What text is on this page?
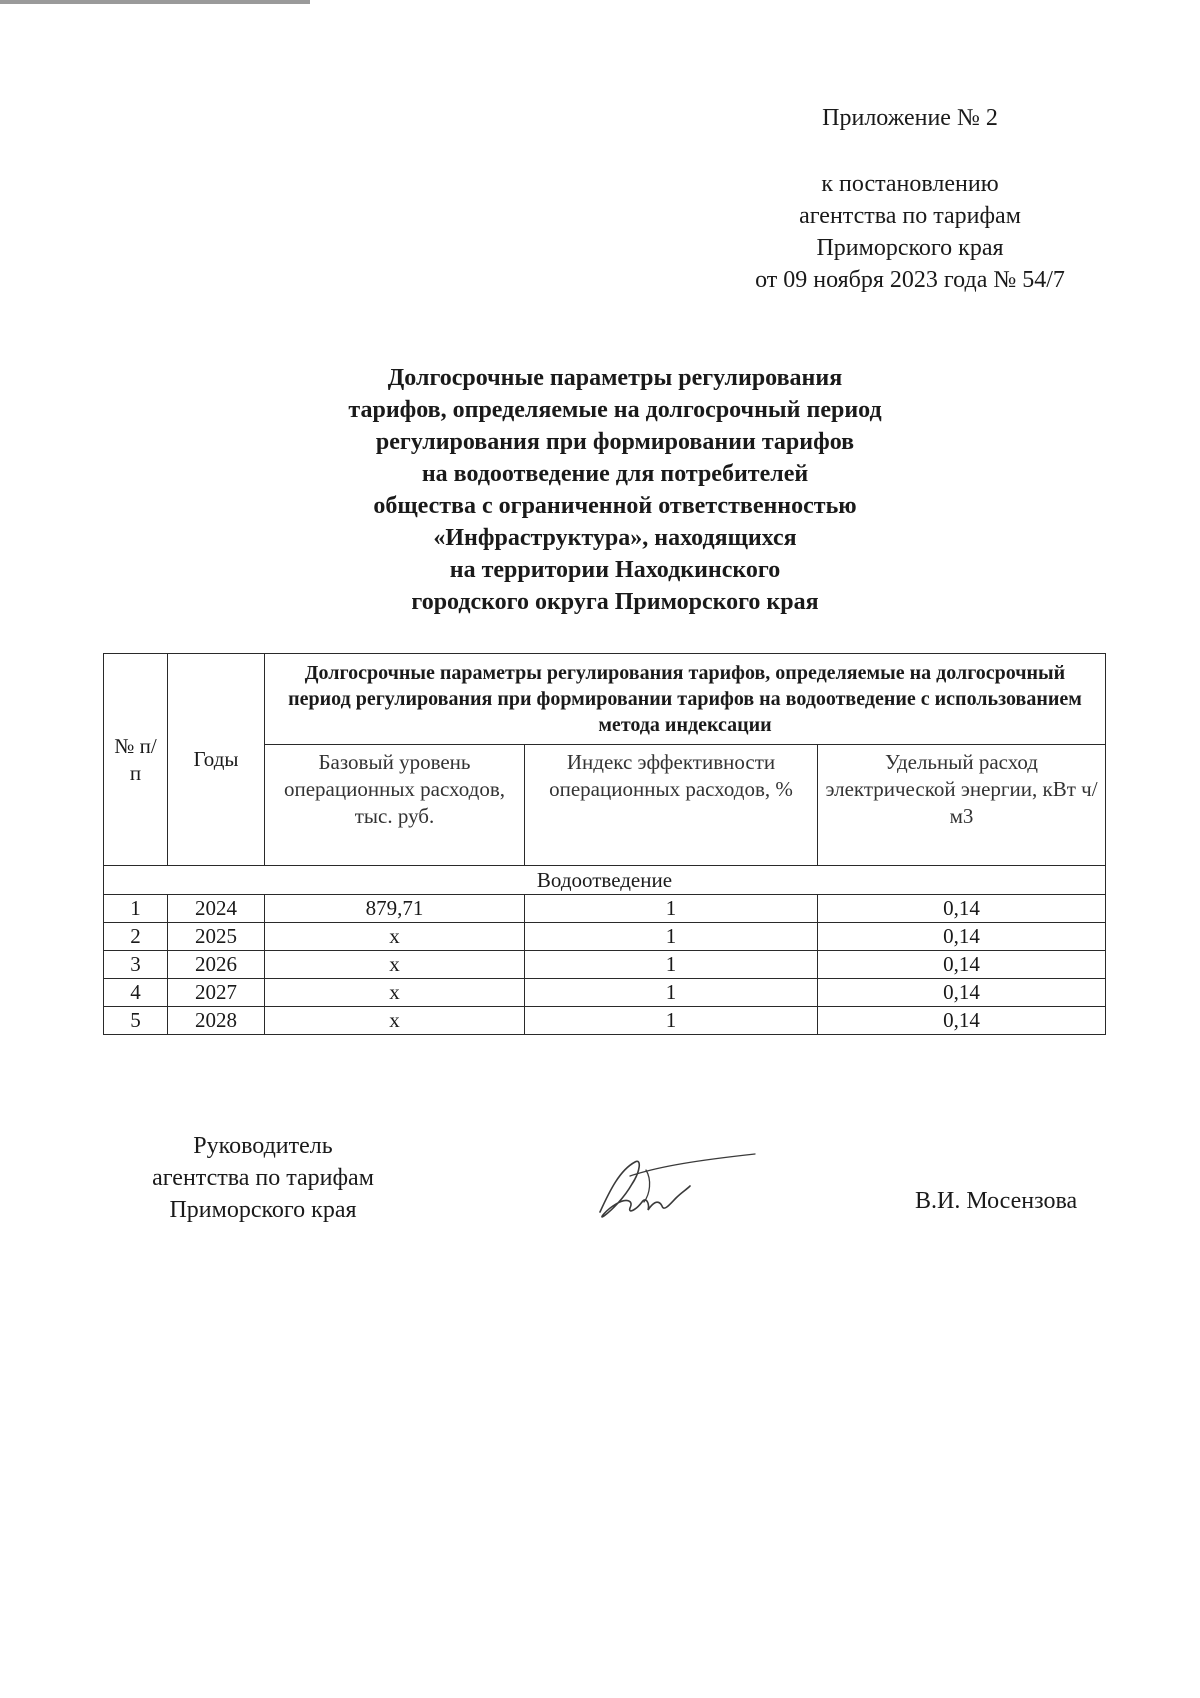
Приложение № 2
к постановлению
агентства по тарифам
Приморского края
от 09 ноября 2023 года № 54/7
Долгосрочные параметры регулирования
тарифов, определяемые на долгосрочный период
регулирования при формировании тарифов
на водоотведение для потребителей
общества с ограниченной ответственностью
«Инфраструктура», находящихся
на территории Находкинского
городского округа Приморского края
№ п/п	Годы	Долгосрочные параметры регулирования тарифов, определяемые на долгосрочный период регулирования при формировании тарифов на водоотведение с использованием метода индексации		
		Базовый уровень операционных расходов, тыс. руб.	Индекс эффективности операционных расходов, %	Удельный расход электрической энергии, кВт ч/м3
Водоотведение				
1	2024	879,71	1	0,14
2	2025	х	1	0,14
3	2026	х	1	0,14
4	2027	х	1	0,14
5	2028	х	1	0,14
Руководитель
агентства по тарифам
Приморского края	В.И. Мосензова
